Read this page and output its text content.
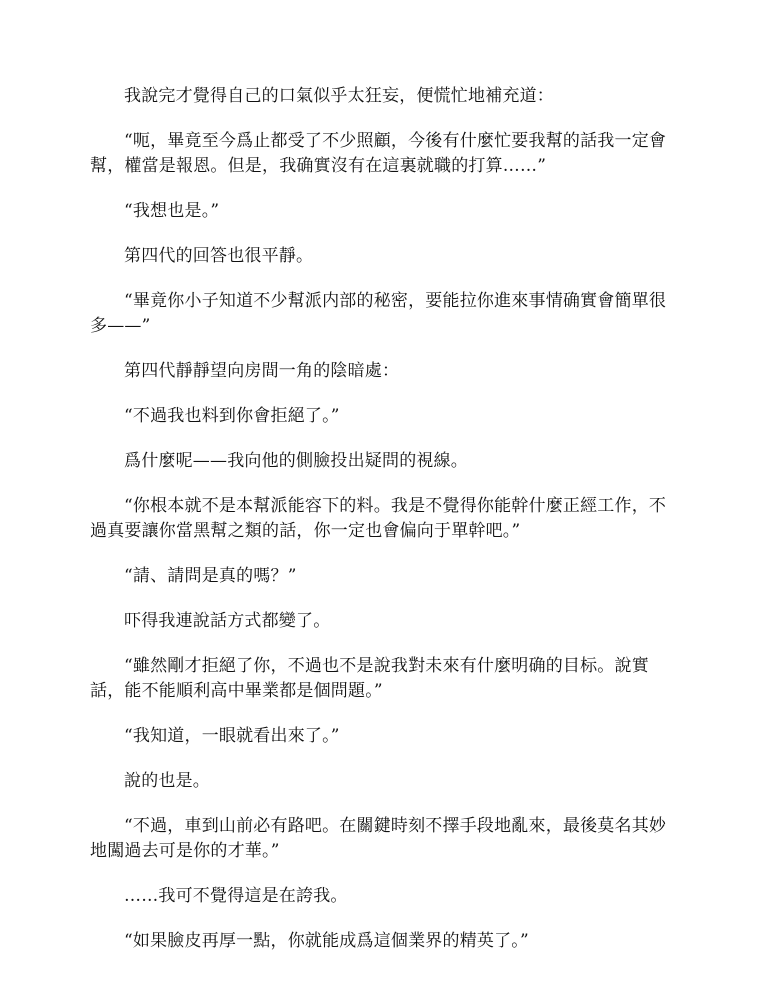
我說完才覺得自己的口氣似乎太狂妄，便慌忙地補充道：

“呃，畢竟至今爲止都受了不少照顧，今後有什麼忙要我幫的話我一定會幫，權當是報恩。但是，我确實沒有在這裏就職的打算……”

“我想也是。”

第四代的回答也很平靜。

“畢竟你小子知道不少幫派内部的秘密，要能拉你進來事情确實會簡單很多——”

第四代靜靜望向房間一角的陰暗處：

“不過我也料到你會拒絕了。”

爲什麼呢——我向他的側臉投出疑問的視線。

“你根本就不是本幫派能容下的料。我是不覺得你能幹什麼正經工作，不過真要讓你當黑幫之類的話，你一定也會偏向于單幹吧。”

“請、請問是真的嗎？”

吓得我連說話方式都變了。

“雖然剛才拒絕了你，不過也不是說我對未來有什麼明确的目标。說實話，能不能順利高中畢業都是個問題。”

“我知道，一眼就看出來了。”

說的也是。

“不過，車到山前必有路吧。在關鍵時刻不擇手段地亂來，最後莫名其妙地闖過去可是你的才華。”

……我可不覺得這是在誇我。

“如果臉皮再厚一點，你就能成爲這個業界的精英了。”
